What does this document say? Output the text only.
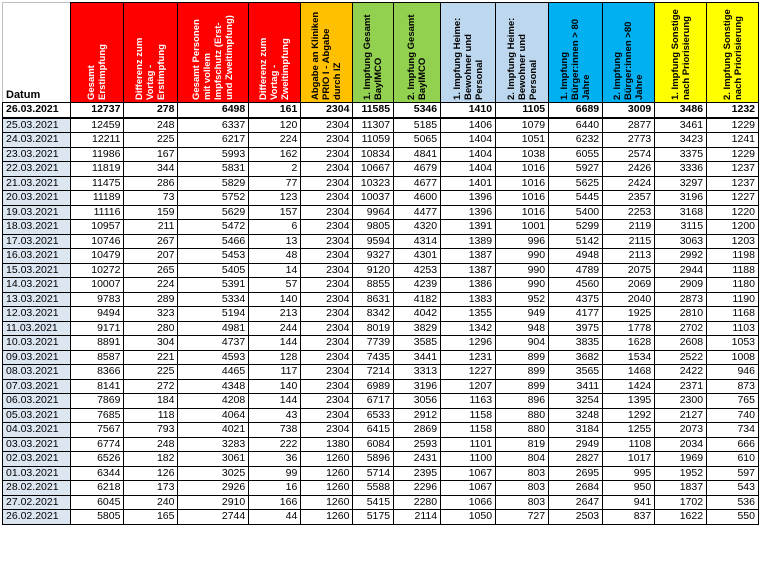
Datum	Gesamt Erstimpfung	Differenz zum Vortag - Erstimpfung	Gesamt Personen mit vollem Impfschutz (Erst- und Zweitimpfung)	Differenz zum Vortag - Zweitimpfung	Abgabe an Kliniken PRIO I - Abgabe durch IZ	1. Impfung Gesamt BayIMCO	2. Impfung Gesamt BayIMCO	1. Impfung Heime: Bewohner und Personal	2. Impfung Heime: Bewohner und Personal	1. Impfung Bürger:innen > 80 Jahre	2. Impfung Bürger:innen >80 Jahre	1. Impfung Sonstige nach Priorisierung	2. Impfung Sonstige nach Priorisierung

26.03.2021	12737	278	6498	161	2304	11585	5346	1410	1105	6689	3009	3486	1232
25.03.2021	12459	248	6337	120	2304	11307	5185	1406	1079	6440	2877	3461	1229
24.03.2021	12211	225	6217	224	2304	11059	5065	1404	1051	6232	2773	3423	1241
23.03.2021	11986	167	5993	162	2304	10834	4841	1404	1038	6055	2574	3375	1229
22.03.2021	11819	344	5831	2	2304	10667	4679	1404	1016	5927	2426	3336	1237
21.03.2021	11475	286	5829	77	2304	10323	4677	1401	1016	5625	2424	3297	1237
20.03.2021	11189	73	5752	123	2304	10037	4600	1396	1016	5445	2357	3196	1227
19.03.2021	11116	159	5629	157	2304	9964	4477	1396	1016	5400	2253	3168	1220
18.03.2021	10957	211	5472	6	2304	9805	4320	1391	1001	5299	2119	3115	1200
17.03.2021	10746	267	5466	13	2304	9594	4314	1389	996	5142	2115	3063	1203
16.03.2021	10479	207	5453	48	2304	9327	4301	1387	990	4948	2113	2992	1198
15.03.2021	10272	265	5405	14	2304	9120	4253	1387	990	4789	2075	2944	1188
14.03.2021	10007	224	5391	57	2304	8855	4239	1386	990	4560	2069	2909	1180
13.03.2021	9783	289	5334	140	2304	8631	4182	1383	952	4375	2040	2873	1190
12.03.2021	9494	323	5194	213	2304	8342	4042	1355	949	4177	1925	2810	1168
11.03.2021	9171	280	4981	244	2304	8019	3829	1342	948	3975	1778	2702	1103
10.03.2021	8891	304	4737	144	2304	7739	3585	1296	904	3835	1628	2608	1053
09.03.2021	8587	221	4593	128	2304	7435	3441	1231	899	3682	1534	2522	1008
08.03.2021	8366	225	4465	117	2304	7214	3313	1227	899	3565	1468	2422	946
07.03.2021	8141	272	4348	140	2304	6989	3196	1207	899	3411	1424	2371	873
06.03.2021	7869	184	4208	144	2304	6717	3056	1163	896	3254	1395	2300	765
05.03.2021	7685	118	4064	43	2304	6533	2912	1158	880	3248	1292	2127	740
04.03.2021	7567	793	4021	738	2304	6415	2869	1158	880	3184	1255	2073	734
03.03.2021	6774	248	3283	222	1380	6084	2593	1101	819	2949	1108	2034	666
02.03.2021	6526	182	3061	36	1260	5896	2431	1100	804	2827	1017	1969	610
01.03.2021	6344	126	3025	99	1260	5714	2395	1067	803	2695	995	1952	597
28.02.2021	6218	173	2926	16	1260	5588	2296	1067	803	2684	950	1837	543
27.02.2021	6045	240	2910	166	1260	5415	2280	1066	803	2647	941	1702	536
26.02.2021	5805	165	2744	44	1260	5175	2114	1050	727	2503	837	1622	550
